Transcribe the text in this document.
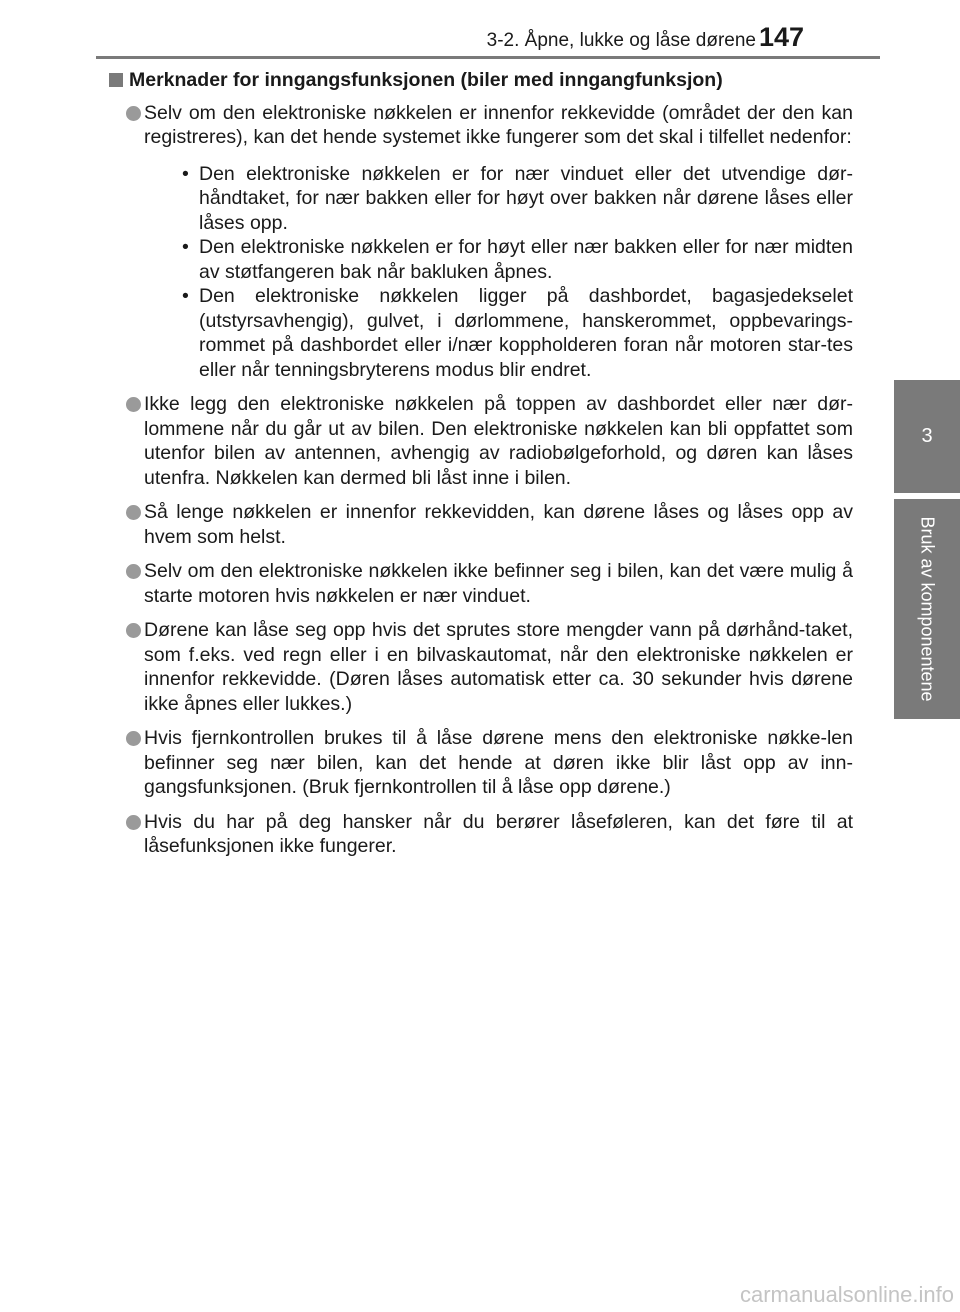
3-2. Åpne, lukke og låse dørene 147
3
Bruk av komponentene
Merknader for inngangsfunksjonen (biler med inngangfunksjon)
Selv om den elektroniske nøkkelen er innenfor rekkevidde (området der den kan registreres), kan det hende systemet ikke fungerer som det skal i tilfellet nedenfor:
• Den elektroniske nøkkelen er for nær vinduet eller det utvendige dør-håndtaket, for nær bakken eller for høyt over bakken når dørene låses eller låses opp.
• Den elektroniske nøkkelen er for høyt eller nær bakken eller for nær midten av støtfangeren bak når bakluken åpnes.
• Den elektroniske nøkkelen ligger på dashbordet, bagasjedekselet (utstyrsavhengig), gulvet, i dørlommene, hanskerommet, oppbevarings-rommet på dashbordet eller i/nær koppholderen foran når motoren star-tes eller når tenningsbryterens modus blir endret.
Ikke legg den elektroniske nøkkelen på toppen av dashbordet eller nær dør-lommene når du går ut av bilen. Den elektroniske nøkkelen kan bli oppfattet som utenfor bilen av antennen, avhengig av radiobølgeforhold, og døren kan låses utenfra. Nøkkelen kan dermed bli låst inne i bilen.
Så lenge nøkkelen er innenfor rekkevidden, kan dørene låses og låses opp av hvem som helst.
Selv om den elektroniske nøkkelen ikke befinner seg i bilen, kan det være mulig å starte motoren hvis nøkkelen er nær vinduet.
Dørene kan låse seg opp hvis det sprutes store mengder vann på dørhånd-taket, som f.eks. ved regn eller i en bilvaskautomat, når den elektroniske nøkkelen er innenfor rekkevidde. (Døren låses automatisk etter ca. 30 sekunder hvis dørene ikke åpnes eller lukkes.)
Hvis fjernkontrollen brukes til å låse dørene mens den elektroniske nøkke-len befinner seg nær bilen, kan det hende at døren ikke blir låst opp av inn-gangsfunksjonen. (Bruk fjernkontrollen til å låse opp dørene.)
Hvis du har på deg hansker når du berører låseføleren, kan det føre til at låsefunksjonen ikke fungerer.
carmanualsonline.info
